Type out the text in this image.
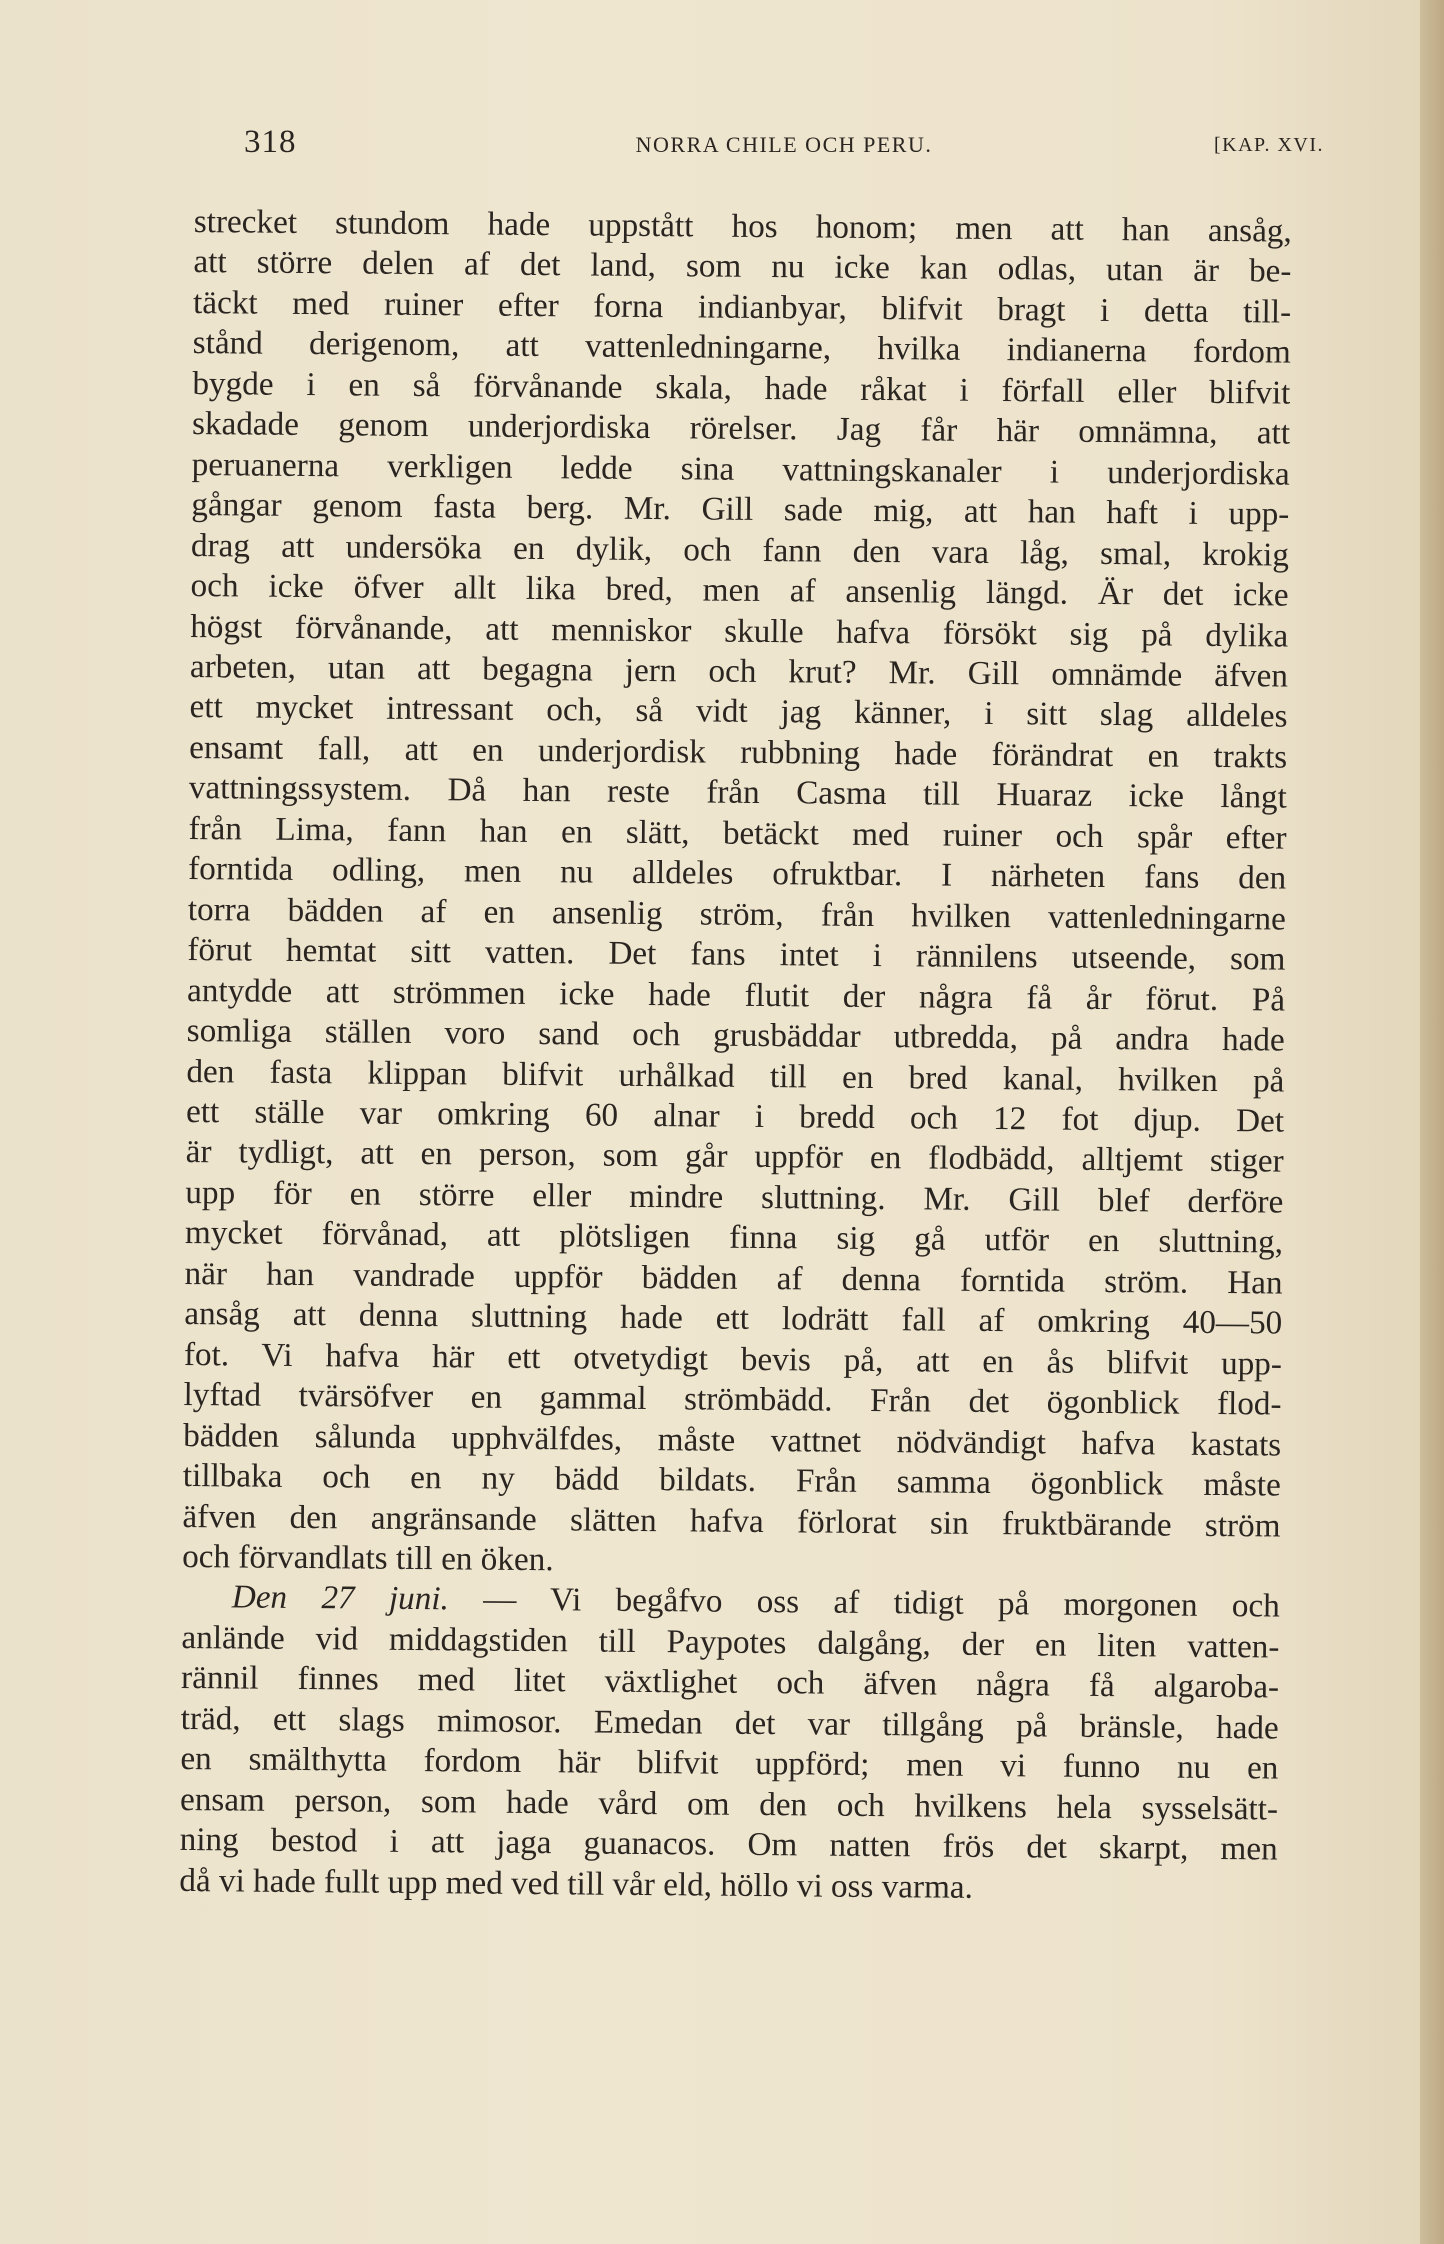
318	NORRA CHILE OCH PERU.	[KAP. XVI.
strecket stundom hade uppstått hos honom; men att han ansåg,
att större delen af det land, som nu icke kan odlas, utan är be-
täckt med ruiner efter forna indianbyar, blifvit bragt i detta till-
stånd derigenom, att vattenledningarne, hvilka indianerna fordom
bygde i en så förvånande skala, hade råkat i förfall eller blifvit
skadade genom underjordiska rörelser. Jag får här omnämna, att
peruanerna verkligen ledde sina vattningskanaler i underjordiska
gångar genom fasta berg. Mr. Gill sade mig, att han haft i upp-
drag att undersöka en dylik, och fann den vara låg, smal, krokig
och icke öfver allt lika bred, men af ansenlig längd. Är det icke
högst förvånande, att menniskor skulle hafva försökt sig på dylika
arbeten, utan att begagna jern och krut? Mr. Gill omnämde äfven
ett mycket intressant och, så vidt jag känner, i sitt slag alldeles
ensamt fall, att en underjordisk rubbning hade förändrat en trakts
vattningssystem. Då han reste från Casma till Huaraz icke långt
från Lima, fann han en slätt, betäckt med ruiner och spår efter
forntida odling, men nu alldeles ofruktbar. I närheten fans den
torra bädden af en ansenlig ström, från hvilken vattenledningarne
förut hemtat sitt vatten. Det fans intet i rännilens utseende, som
antydde att strömmen icke hade flutit der några få år förut. På
somliga ställen voro sand och grusbäddar utbredda, på andra hade
den fasta klippan blifvit urhålkad till en bred kanal, hvilken på
ett ställe var omkring 60 alnar i bredd och 12 fot djup. Det
är tydligt, att en person, som går uppför en flodbädd, alltjemt stiger
upp för en större eller mindre sluttning. Mr. Gill blef derföre
mycket förvånad, att plötsligen finna sig gå utför en sluttning,
när han vandrade uppför bädden af denna forntida ström. Han
ansåg att denna sluttning hade ett lodrätt fall af omkring 40—50
fot. Vi hafva här ett otvetydigt bevis på, att en ås blifvit upp-
lyftad tvärsöfver en gammal strömbädd. Från det ögonblick flod-
bädden sålunda upphvälfdes, måste vattnet nödvändigt hafva kastats
tillbaka och en ny bädd bildats. Från samma ögonblick måste
äfven den angränsande slätten hafva förlorat sin fruktbärande ström
och förvandlats till en öken.
Den 27 juni. — Vi begåfvo oss af tidigt på morgonen och
anlände vid middagstiden till Paypotes dalgång, der en liten vatten-
rännil finnes med litet växtlighet och äfven några få algaroba-
träd, ett slags mimosor. Emedan det var tillgång på bränsle, hade
en smälthytta fordom här blifvit uppförd; men vi funno nu en
ensam person, som hade vård om den och hvilkens hela sysselsätt-
ning bestod i att jaga guanacos. Om natten frös det skarpt, men
då vi hade fullt upp med ved till vår eld, höllo vi oss varma.
